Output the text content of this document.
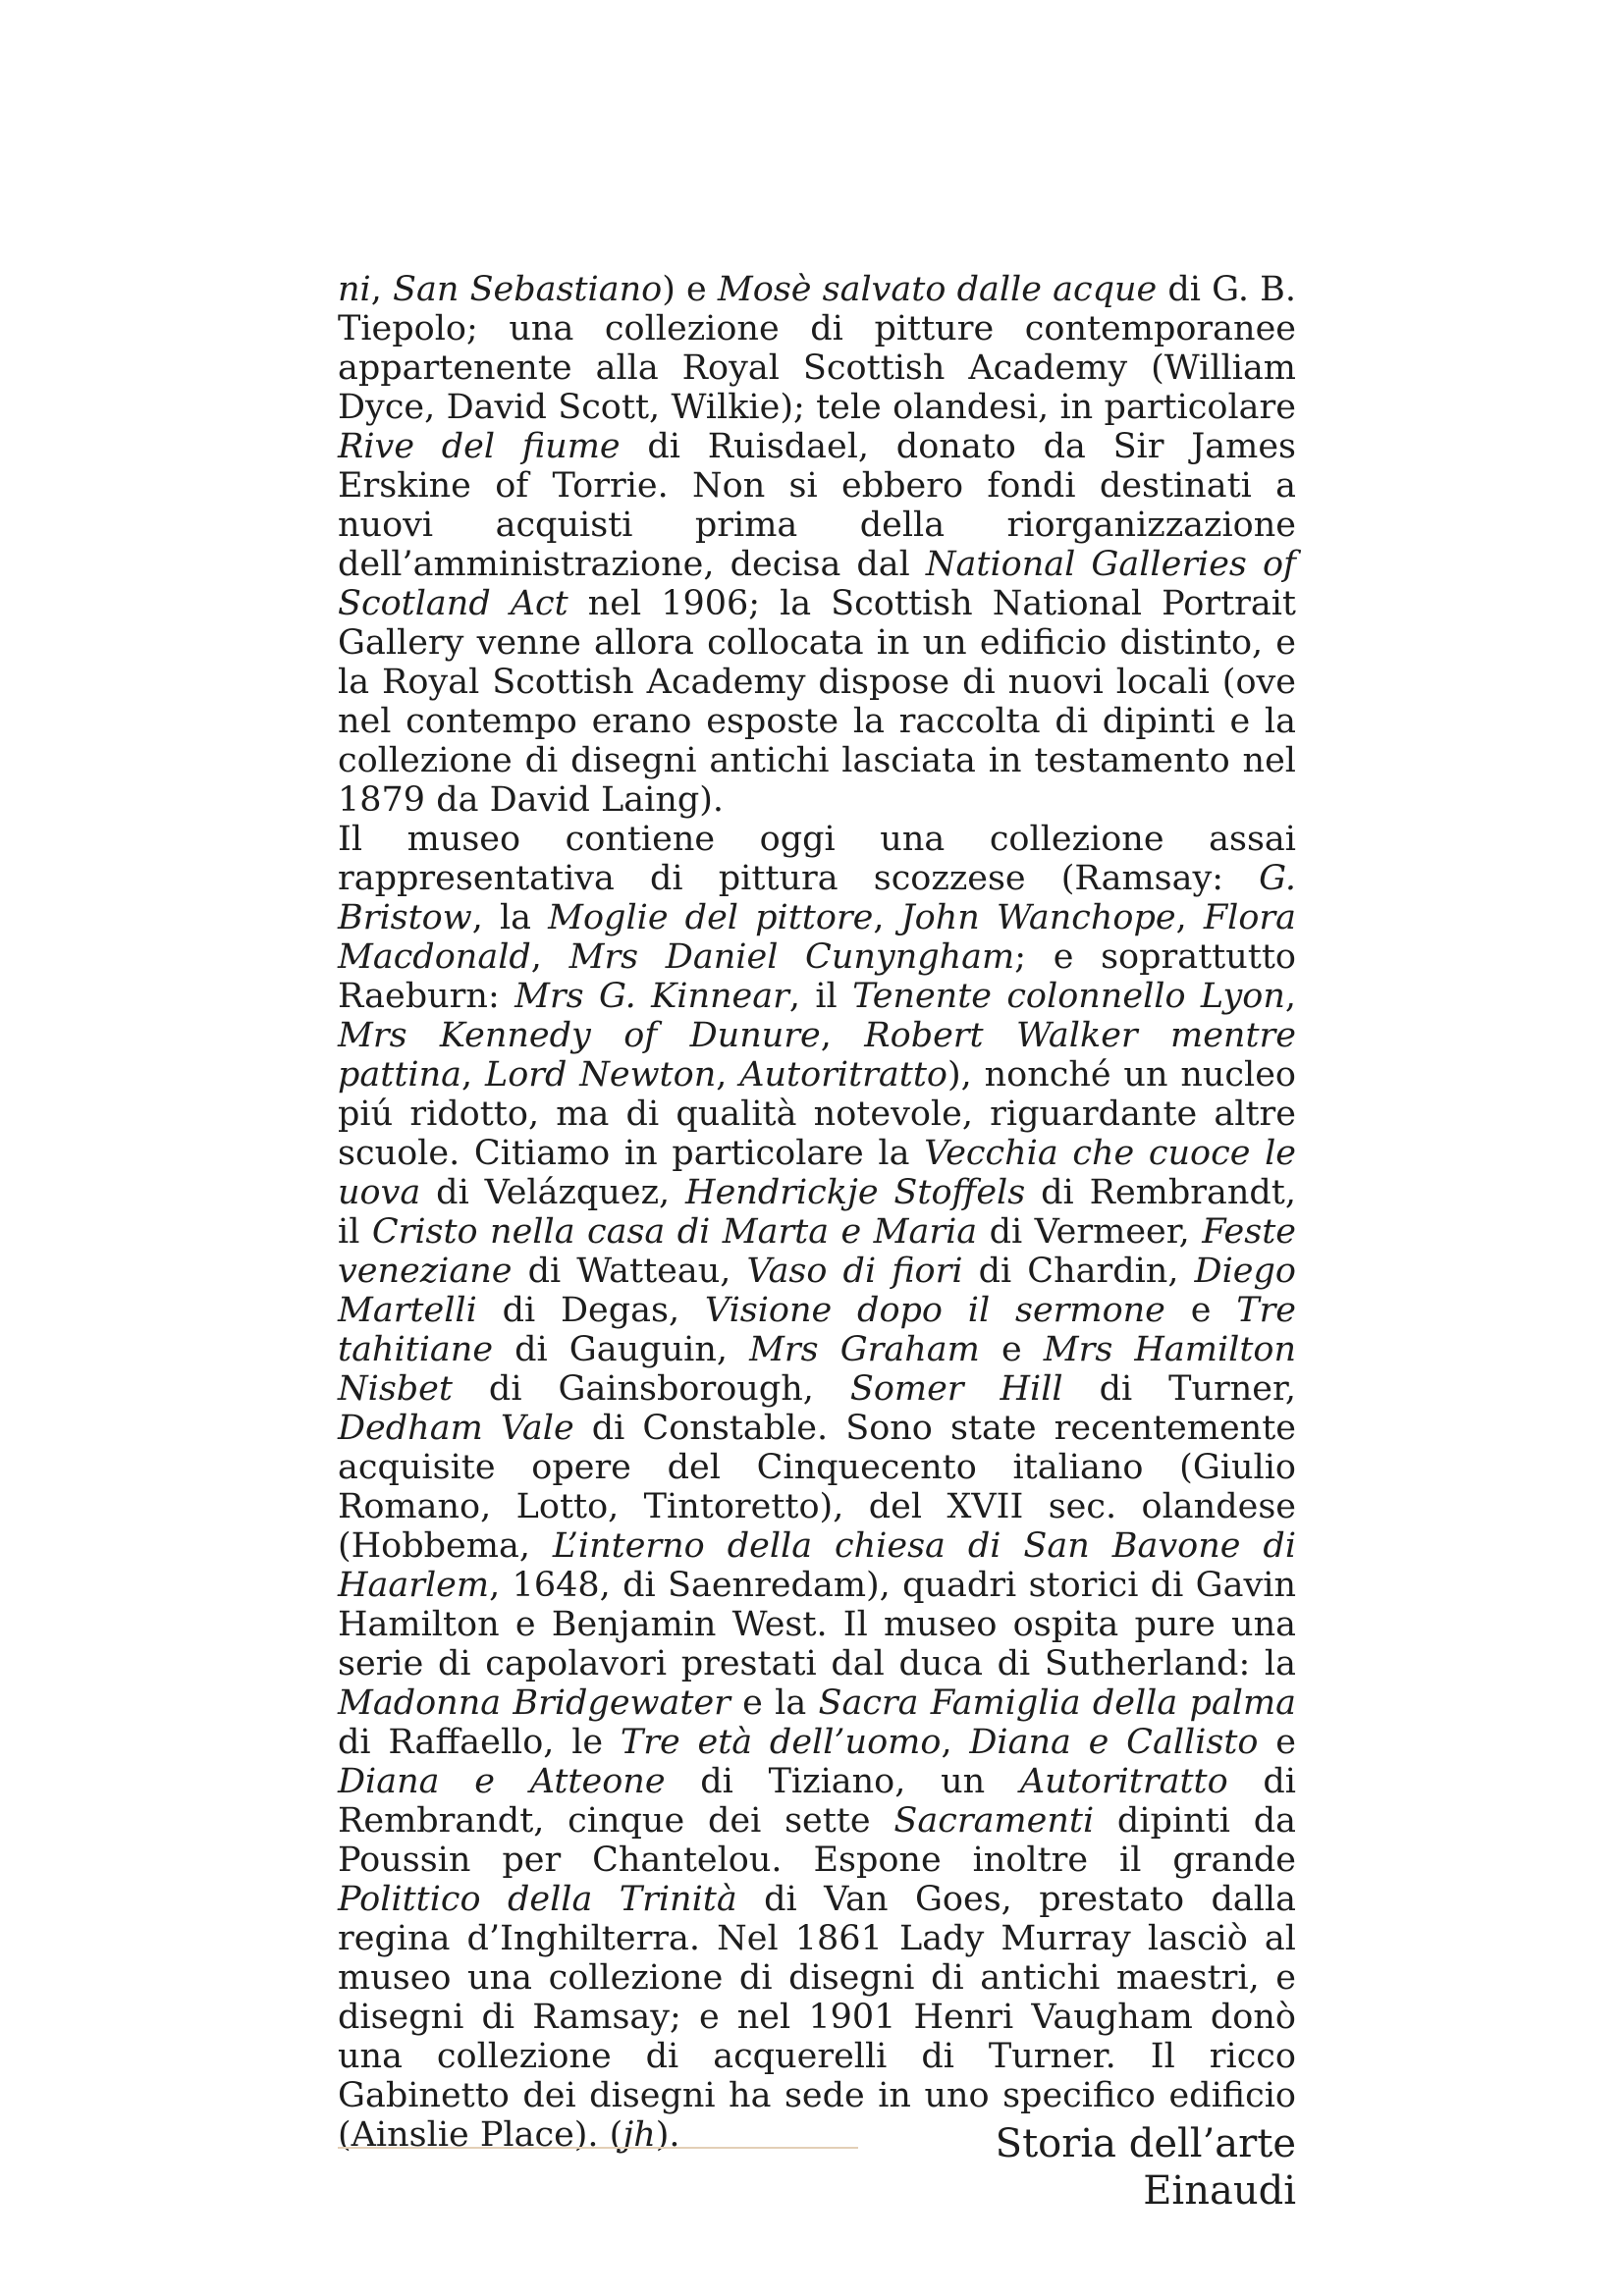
ni, San Sebastiano) e Mosè salvato dalle acque di G. B. Tiepolo; una collezione di pitture contemporanee appartenente alla Royal Scottish Academy (William Dyce, David Scott, Wilkie); tele olandesi, in particolare Rive del fiume di Ruisdael, donato da Sir James Erskine of Torrie. Non si ebbero fondi destinati a nuovi acquisti prima della riorganizzazione dell’amministrazione, decisa dal National Galleries of Scotland Act nel 1906; la Scottish National Portrait Gallery venne allora collocata in un edificio distinto, e la Royal Scottish Academy dispose di nuovi locali (ove nel contempo erano esposte la raccolta di dipinti e la collezione di disegni antichi lasciata in testamento nel 1879 da David Laing).

Il museo contiene oggi una collezione assai rappresentativa di pittura scozzese (Ramsay: G. Bristow, la Moglie del pittore, John Wanchope, Flora Macdonald, Mrs Daniel Cunyngham; e soprattutto Raeburn: Mrs G. Kinnear, il Tenente colonnello Lyon, Mrs Kennedy of Dunure, Robert Walker mentre pattina, Lord Newton, Autoritratto), nonché un nucleo piú ridotto, ma di qualità notevole, riguardante altre scuole. Citiamo in particolare la Vecchia che cuoce le uova di Velázquez, Hendrickje Stoffels di Rembrandt, il Cristo nella casa di Marta e Maria di Vermeer, Feste veneziane di Watteau, Vaso di fiori di Chardin, Diego Martelli di Degas, Visione dopo il sermone e Tre tahitiane di Gauguin, Mrs Graham e Mrs Hamilton Nisbet di Gainsborough, Somer Hill di Turner, Dedham Vale di Constable. Sono state recentemente acquisite opere del Cinquecento italiano (Giulio Romano, Lotto, Tintoretto), del XVII sec. olandese (Hobbema, L’interno della chiesa di San Bavone di Haarlem, 1648, di Saenredam), quadri storici di Gavin Hamilton e Benjamin West. Il museo ospita pure una serie di capolavori prestati dal duca di Sutherland: la Madonna Bridgewater e la Sacra Famiglia della palma di Raffaello, le Tre età dell’uomo, Diana e Callisto e Diana e Atteone di Tiziano, un Autoritratto di Rembrandt, cinque dei sette Sacramenti dipinti da Poussin per Chantelou. Espone inoltre il grande Polittico della Trinità di Van Goes, prestato dalla regina d’Inghilterra. Nel 1861 Lady Murray lasciò al museo una collezione di disegni di antichi maestri, e disegni di Ramsay; e nel 1901 Henri Vaugham donò una collezione di acquerelli di Turner. Il ricco Gabinetto dei disegni ha sede in uno specifico edificio (Ainslie Place). (jh).	Storia dell’arte Einaudi
